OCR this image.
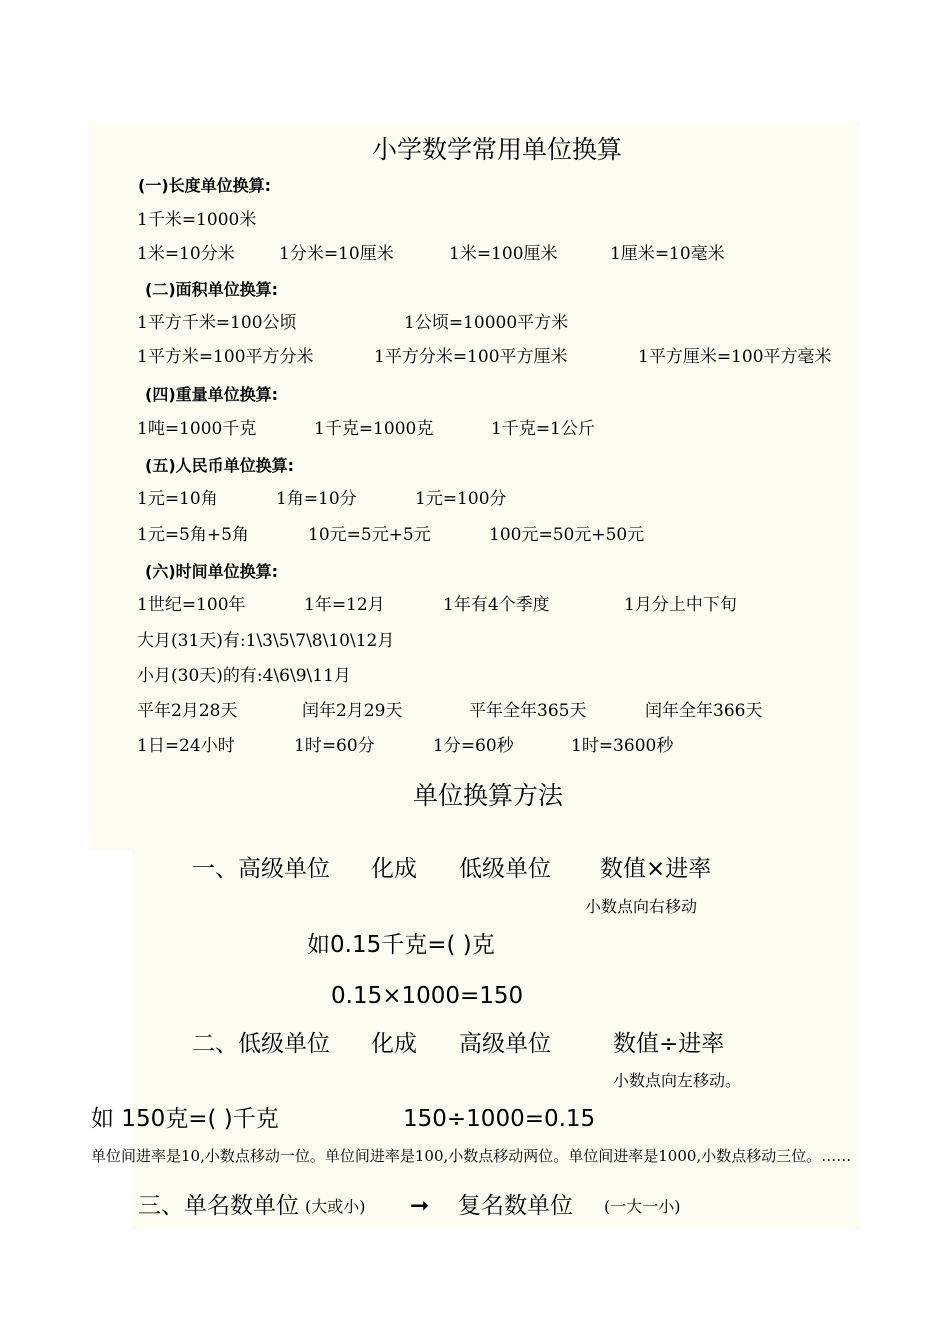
小学数学常用单位换算
(一)长度单位换算:
1千米=1000米
1米=10分米	1分米=10厘米	1米=100厘米	1厘米=10毫米
(二)面积单位换算:
1平方千米=100公顷	1公顷=10000平方米
1平方米=100平方分米	1平方分米=100平方厘米	1平方厘米=100平方毫米
(四)重量单位换算:
1吨=1000千克	1千克=1000克	1千克=1公斤
(五)人民币单位换算:
1元=10角	1角=10分	1元=100分
1元=5角+5角	10元=5元+5元	100元=50元+50元
(六)时间单位换算:
1世纪=100年	1年=12月	1年有4个季度	1月分上中下旬
大月(31天)有:1\3\5\7\8\10\12月
小月(30天)的有:4\6\9\11月
平年2月28天	闰年2月29天	平年全年365天	闰年全年366天
1日=24小时	1时=60分	1分=60秒	1时=3600秒
单位换算方法
一、高级单位 化成 低级单位 数值×进率
小数点向右移动
如0.15千克=( )克
0.15×1000=150
二、低级单位 化成 高级单位	数值÷进率
小数点向左移动。
如 150克=( )千克	150÷1000=0.15
单位间进率是10,小数点移动一位。单位间进率是100,小数点移动两位。单位间进率是1000,小数点移动三位。……
三、单名数单位 (大或小) ➞ 复名数单位 (一大一小)
